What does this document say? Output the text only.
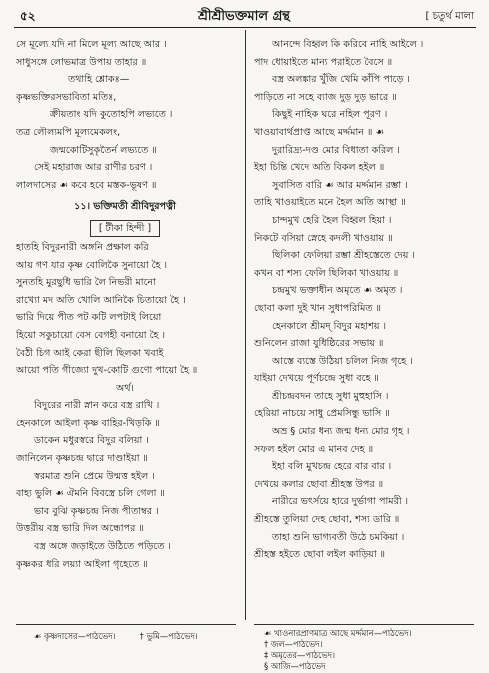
৫২	শ্রীশ্রীভক্তমাল গ্রন্থ	[ চতুর্থ মালা
সে মূল্যে যদি না মিলে মূল্য আছে আর ।
সাধুসঙ্গে লোভমাত্র উপায় তাহার ॥
তথাহি শ্লোকঃ—
কৃষ্ণভক্তিরসভাবিতা মতিঃ,
ক্রীয়তাং যদি কুতোহপি লভ্যতে ।
তত্র লৌল্যমপি মূল্যমেকলং,
জন্মকোটিসুকৃতৈর্ন লভ্যতে ॥
সেই মহারাজ আর রাণীর চরণ ।
লালদাসের ☙ কবে হবে মস্তক-ভূষণ ॥
১১। ভক্তিমতী শ্রীবিদুরপত্নী
[ টীকা হিন্দী ]
হাতহি বিদুরনারী অঙ্গনি প্রক্ষাল করি
আয় গণ যার কৃষ্ণ বোলিকৈ সুনায়ো হৈ ।
সুনতহি মুরছুধি ভারি লৈ নিভরী মানো
রাখ্যো মদ অতি খোলি আনিকৈ চিতায়ো হৈ ।
ভারি দিয়ে পীত পট কটি লপটাই লিয়ো
হিয়ো সকুচায়ো বেস বেগহী বনায়ো হৈ ।
বৈঠী চিগ আই কেরা ছীলি ছিলকা খবাই
আয়ো পতি গীজ্যো দুখ-কোটি গুণো পায়ো হৈ ॥
অর্থ।
বিদুরের নারী স্নান করে বস্ত্র রাখি ।
হেনকালে আইলা কৃষ্ণ বাহির-খিড়কি ॥
ডাকেন মধুরস্বরে বিদুর বলিয়া ।
জানিলেন কৃষ্ণচন্দ্র দ্বারে দাণ্ডাইয়া ॥
স্বরমাত্র শুনি প্রেমে উন্মত্ত হইল ।
বাহ্য ভুলি ☙ ঐমনি বিবস্ত্রে চলি গেলা ॥
ভাব বুঝি কৃষ্ণচন্দ্র নিজ পীতাম্বর ।
উত্তরীয় বস্ত্র ভারি দিল অন্ধোপর ॥
বস্ত্র অঙ্গে জড়াইতে উঠিতে পড়িতে ।
কৃষ্ণকর ধরি লয়্যা আইলা গৃহেতে ॥
আনন্দে বিহ্বল কি করিবে নাহি আইলে ।
পাদ ধোয়াইতে মান্য পরাইতে বৈসে ॥
বস্ত্র অলঙ্কার খুঁজি খেমি কাঁপি পাড়ে ।
পাড়িতে না সহে ব্যাজ দুড় দুড় ভারে ॥
কিছুই নাহিক ঘরে নহিল পূরণ ।
খাওয়াবার্থপ্রাপ্ত আছে মর্দ্দমান ॥ ☙
দুরারিদ্র্য-দণ্ড মোর বিধাতা করিল ।
ইহা চিন্তি খেদে অতি বিকল হইল ॥
সুবাসিত বারি ☙ আর মর্দ্দমান রম্ভা ।
তাহি খাওয়াইতে মনে হৈল অতি আস্থা ॥
চান্দমুখ হেরি হৈল বিহ্বল হিয়া ।
নিকটে বসিয়া স্নেহে কদলী খাওয়ায় ॥
ছিলিকা ফেলিয়া রম্ভা শ্রীহস্তেতে দেয় ।
কখন বা শস্য ফেলি ছিলিকা খাওয়ায় ॥
চন্দ্রমুখ ভক্তাধীন অমৃতে ☙ অমৃত ।
ছোবা কলা দুই খান সুধাপরিমিত ॥
হেনকালে শ্রীমদ্ বিদুর মহাশয় ।
শুনিলেন রাজা যুধিষ্ঠিরের সভায় ॥
আস্তে ব্যস্তে উঠিয়া চলিল নিজ গৃহে ।
যাইয়া দেখয়ে পূর্ণচন্দ্রে সুধা বহে ॥
শ্রীচন্দ্রবদন তাহে সুধা মুহুহাসি ।
হেরিয়া নাচয়ে সাধু প্রেমসিন্ধু ভাসি ॥
অভ্র § মোর ধন্য জন্ম ধন্য মোর গৃহ ।
সফল হইল মোর এ মানব দেহ ॥
ইহা বলি মুখচন্দ্র হেরে বার বার ।
দেখয়ে কলার ছোবা শ্রীহস্ত উপর ॥
নারীরে ভৎর্সয়ে হারে দুর্ভাগা পামরী ।
শ্রীহস্তে তুলিয়া দেহ ছোবা, শস্য ডারি ॥
তাহা শুনি ভাগ্যবতী উঠে চমকিয়া ।
শ্রীহস্ত হইতে ছোবা লইল কাড়িয়া ॥
☙ কৃষ্ণদাসের—পাঠভেদ।	† ভুমি—পাঠভেদ।	☙ খাওনারপ্রাণমাত্র আছে মর্দ্দমান—পাঠভেদ।
† জল—পাঠভেদ।
‡ অমৃতের—পাঠভেদ।
§ আজি—পাঠভেদ
